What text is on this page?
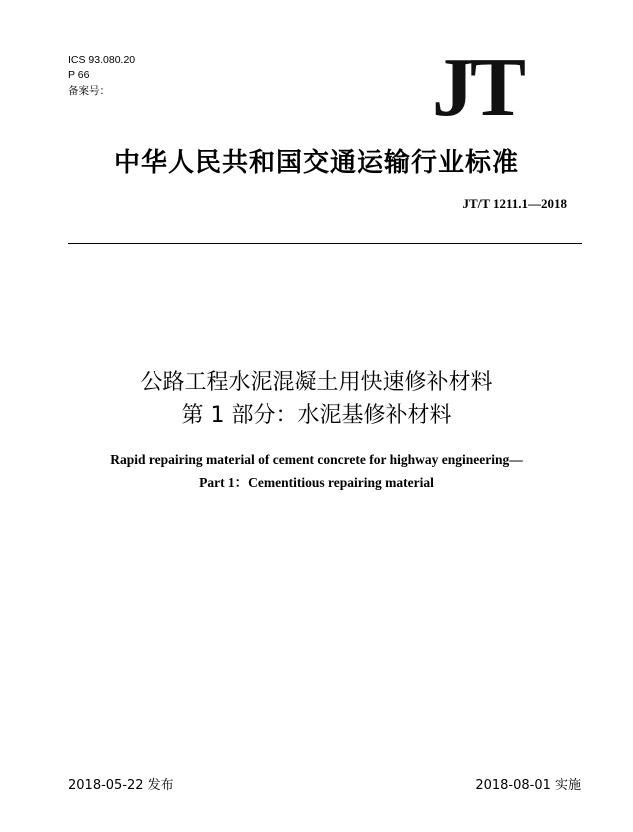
ICS 93.080.20
P 66
备案号：	JT
中华人民共和国交通运输行业标准
JT/T 1211.1—2018
公路工程水泥混凝土用快速修补材料
第 1 部分：水泥基修补材料
Rapid repairing material of cement concrete for highway engineering—
Part 1：Cementitious repairing material
2018-05-22 发布	2018-08-01 实施
